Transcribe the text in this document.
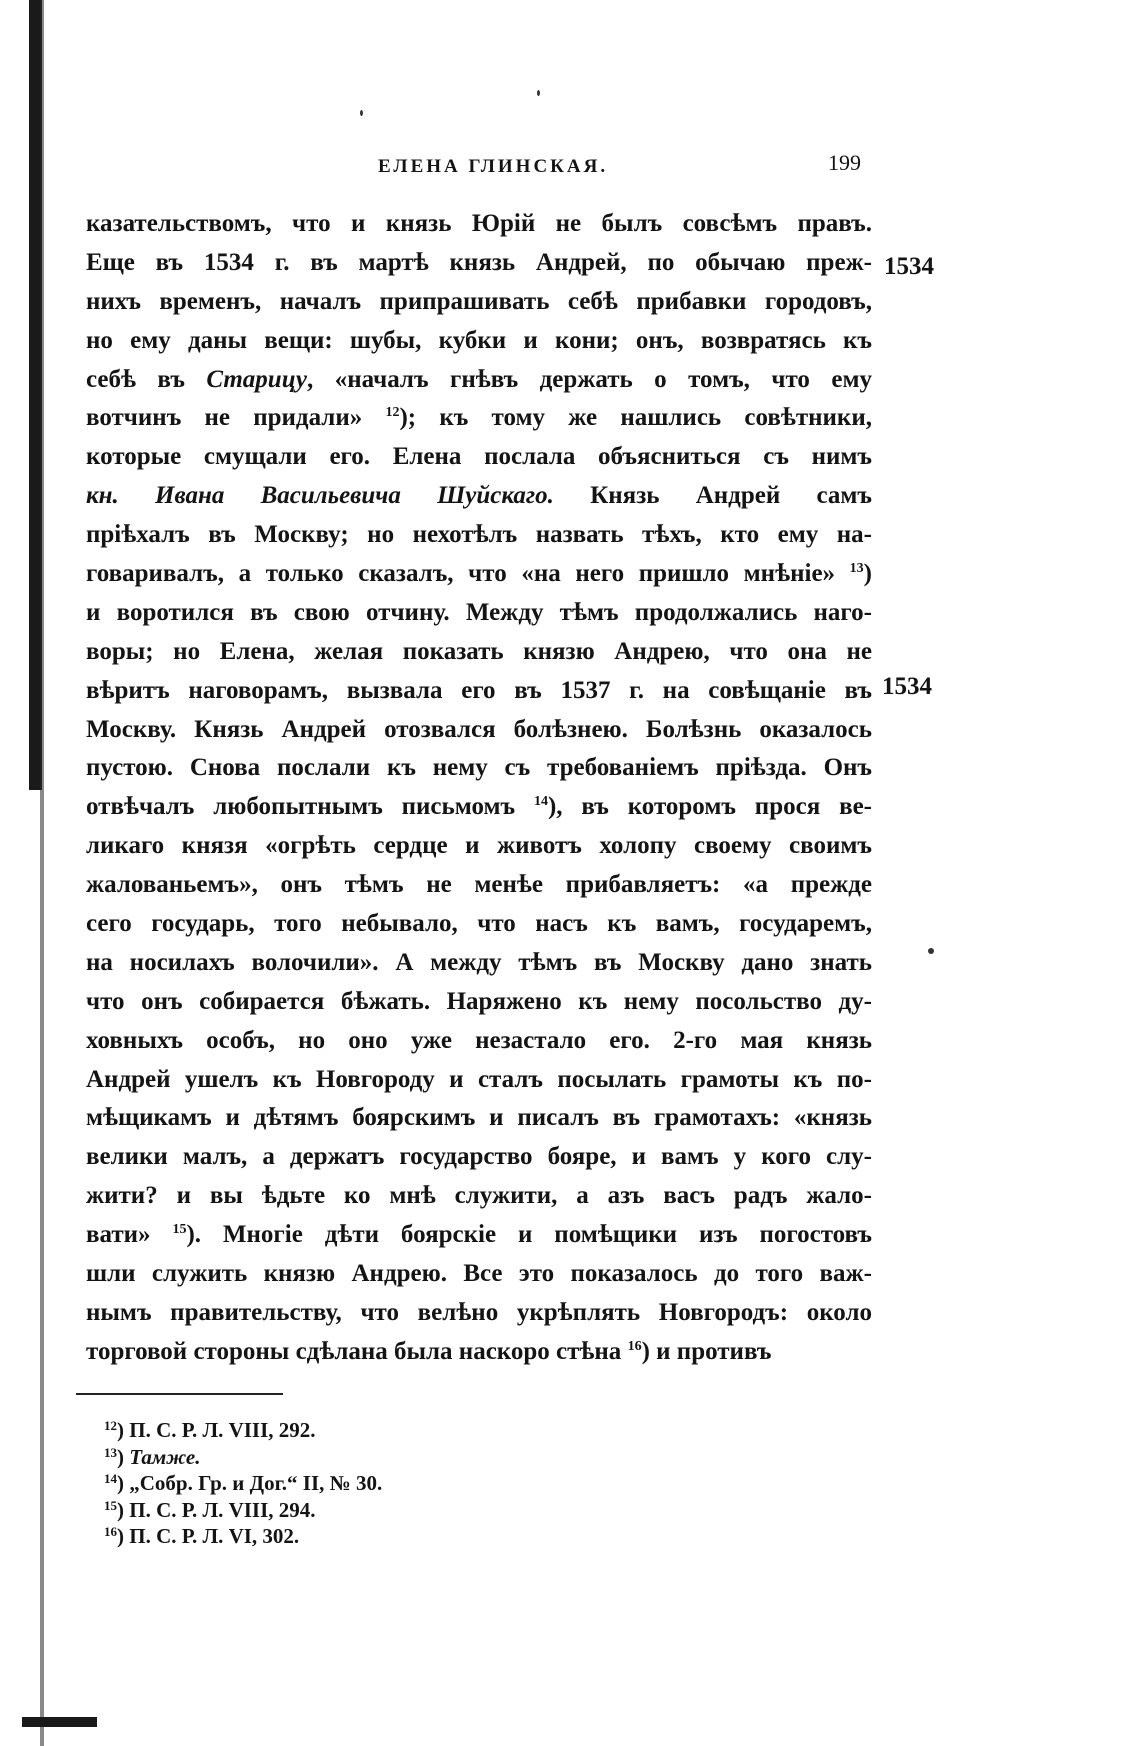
ЕЛЕНА ГЛИНСКАЯ.	199
1534
1534
казательствомъ, что и князь Юрій не былъ совсѣмъ правъ.
Еще въ 1534 г. въ мартѣ князь Андрей, по обычаю преж-
нихъ временъ, началъ припрашивать себѣ прибавки городовъ,
но ему даны вещи: шубы, кубки и кони; онъ, возвратясь къ
себѣ въ Старицу, «началъ гнѣвъ держать о томъ, что ему
вотчинъ не придали» $^{12}$); къ тому же нашлись совѣтники,
которые смущали его. Елена послала объясниться съ нимъ
кн. Ивана Васильевича Шуйскаго. Князь Андрей самъ
пріѣхалъ въ Москву; но нехотѣлъ назвать тѣхъ, кто ему на-
говаривалъ, а только сказалъ, что «на него пришло мнѣніе» $^{13}$)
и воротился въ свою отчину. Между тѣмъ продолжались наго-
воры; но Елена, желая показать князю Андрею, что она не
вѣритъ наговорамъ, вызвала его въ 1537 г. на совѣщаніе въ
Москву. Князь Андрей отозвался болѣзнею. Болѣзнь оказалось
пустою. Снова послали къ нему съ требованіемъ пріѣзда. Онъ
отвѣчалъ любопытнымъ письмомъ $^{14}$), въ которомъ прося ве-
ликаго князя «огрѣть сердце и животъ холопу своему своимъ
жалованьемъ», онъ тѣмъ не менѣе прибавляетъ: «а прежде
сего государь, того небывало, что насъ къ вамъ, государемъ,
на носилахъ волочили». А между тѣмъ въ Москву дано знать
что онъ собирается бѣжать. Наряжено къ нему посольство ду-
ховныхъ особъ, но оно уже незастало его. 2-го мая князь
Андрей ушелъ къ Новгороду и сталъ посылать грамоты къ по-
мѣщикамъ и дѣтямъ боярскимъ и писалъ въ грамотахъ: «князь
велики малъ, а держатъ государство бояре, и вамъ у кого слу-
жити? и вы ѣдьте ко мнѣ служити, а азъ васъ радъ жало-
вати» $^{15}$). Многіе дѣти боярскіе и помѣщики изъ погостовъ
шли служить князю Андрею. Все это показалось до того важ-
нымъ правительству, что велѣно укрѣплять Новгородъ: около
торговой стороны сдѣлана была наскоро стѣна $^{16}$) и противъ
$^{12}$) П. С. Р. Л. VIII, 292.
$^{13}$) Тамже.
$^{14}$) „Собр. Гр. и Дог.“ II, № 30.
$^{15}$) П. С. Р. Л. VIII, 294.
$^{16}$) П. С. Р. Л. VI, 302.
